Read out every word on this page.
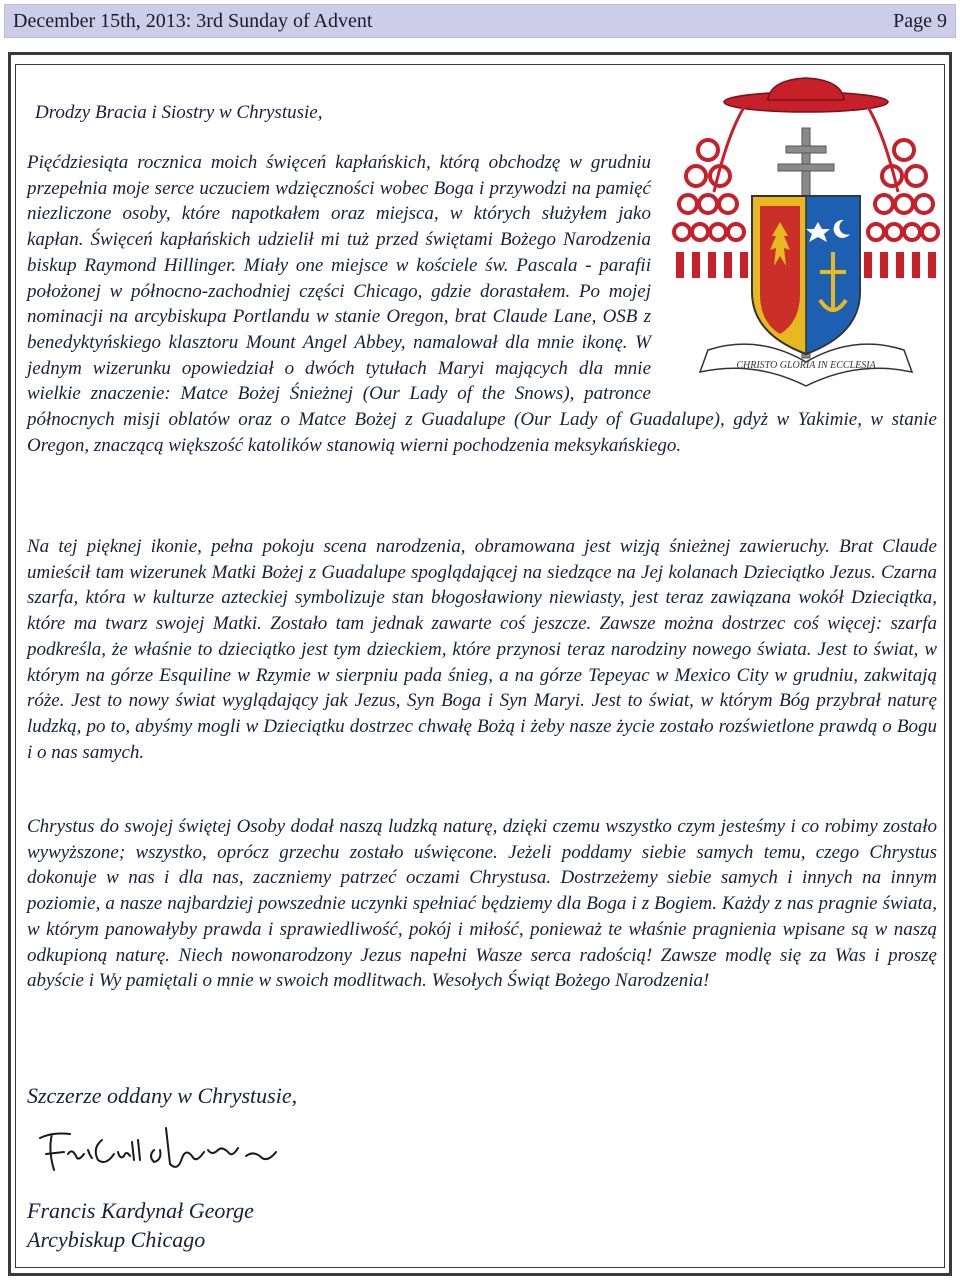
December 15th, 2013: 3rd Sunday of Advent	Page 9

Drodzy Bracia i Siostry w Chrystusie,

Pięćdziesiąta rocznica moich święceń kapłańskich, którą obchodzę w grudniu przepełnia moje serce uczuciem wdzięczności wobec Boga i przywodzi na pamięć niezliczone osoby, które napotkałem oraz miejsca, w których służyłem jako kapłan. Święceń kapłańskich udzielił mi tuż przed świętami Bożego Narodzenia biskup Raymond Hillinger. Miały one miejsce w kościele św. Pascala - parafii położonej w północno-zachodniej części Chicago, gdzie dorastałem. Po mojej nominacji na arcybiskupa Portlandu w stanie Oregon, brat Claude Lane, OSB z benedyktyńskiego klasztoru Mount Angel Abbey, namalował dla mnie ikonę. W jednym wizerunku opowiedział o dwóch tytułach Maryi mających dla mnie wielkie znaczenie: Matce Bożej Śnieżnej (Our Lady of the Snows), patronce północnych misji oblatów oraz o Matce Bożej z Guadalupe (Our Lady of Guadalupe), gdyż w Yakimie, w stanie Oregon, znaczącą większość katolików stanowią wierni pochodzenia meksykańskiego.

Na tej pięknej ikonie, pełna pokoju scena narodzenia, obramowana jest wizją śnieżnej zawieruchy. Brat Claude umieścił tam wizerunek Matki Bożej z Guadalupe spoglądającej na siedzące na Jej kolanach Dzieciątko Jezus. Czarna szarfa, która w kulturze azteckiej symbolizuje stan błogosławiony niewiasty, jest teraz zawiązana wokół Dzieciątka, które ma twarz swojej Matki. Zostało tam jednak zawarte coś jeszcze. Zawsze można dostrzec coś więcej: szarfa podkreśla, że właśnie to dzieciątko jest tym dzieckiem, które przynosi teraz narodziny nowego świata. Jest to świat, w którym na górze Esquiline w Rzymie w sierpniu pada śnieg, a na górze Tepeyac w Mexico City w grudniu, zakwitają róże. Jest to nowy świat wyglądający jak Jezus, Syn Boga i Syn Maryi. Jest to świat, w którym Bóg przybrał naturę ludzką, po to, abyśmy mogli w Dzieciątku dostrzec chwałę Bożą i żeby nasze życie zostało rozświetlone prawdą o Bogu i o nas samych.

Chrystus do swojej świętej Osoby dodał naszą ludzką naturę, dzięki czemu wszystko czym jesteśmy i co robimy zostało wywyższone; wszystko, oprócz grzechu zostało uświęcone. Jeżeli poddamy siebie samych temu, czego Chrystus dokonuje w nas i dla nas, zaczniemy patrzeć oczami Chrystusa. Dostrzeżemy siebie samych i innych na innym poziomie, a nasze najbardziej powszednie uczynki spełniać będziemy dla Boga i z Bogiem. Każdy z nas pragnie świata, w którym panowałyby prawda i sprawiedliwość, pokój i miłość, ponieważ te właśnie pragnienia wpisane są w naszą odkupioną naturę. Niech nowonarodzony Jezus napełni Wasze serca radością! Zawsze modlę się za Was i proszę abyście i Wy pamiętali o mnie w swoich modlitwach. Wesołych Świąt Bożego Narodzenia!

Szczerze oddany w Chrystusie,
Francis Kardynał George
Arcybiskup Chicago
CHRISTO GLORIA IN ECCLESIA
